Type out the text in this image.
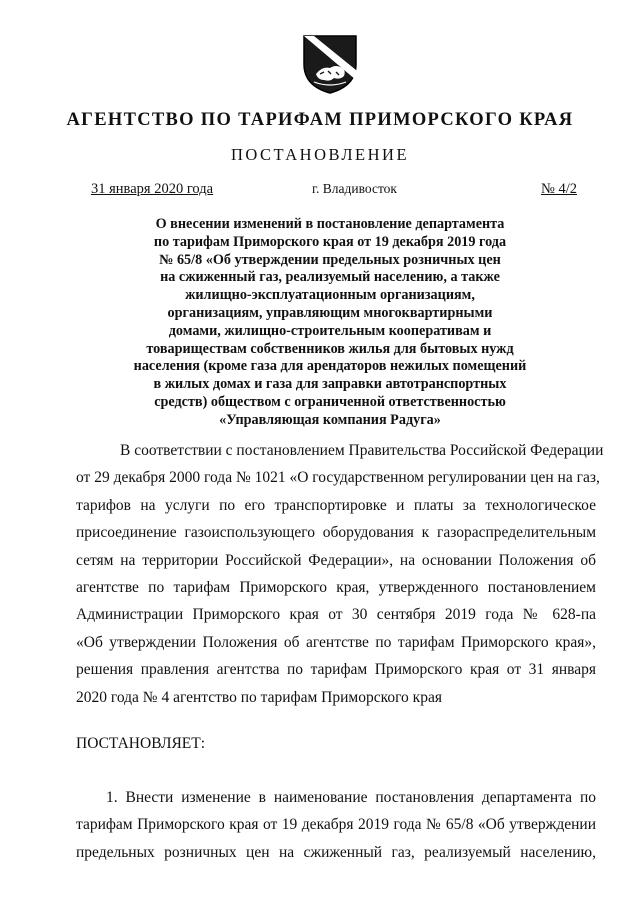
АГЕНТСТВО ПО ТАРИФАМ ПРИМОРСКОГО КРАЯ
ПОСТАНОВЛЕНИЕ
31 января 2020 года	г. Владивосток	№ 4/2
О внесении изменений в постановление департамента
по тарифам Приморского края от 19 декабря 2019 года
№ 65/8 «Об утверждении предельных розничных цен
на сжиженный газ, реализуемый населению, а также
жилищно-эксплуатационным организациям,
организациям, управляющим многоквартирными
домами, жилищно-строительным кооперативам и
товариществам собственников жилья для бытовых нужд
населения (кроме газа для арендаторов нежилых помещений
в жилых домах и газа для заправки автотранспортных
средств) обществом с ограниченной ответственностью
«Управляющая компания Радуга»
В соответствии с постановлением Правительства Российской Федерации
от 29 декабря 2000 года № 1021 «О государственном регулировании цен на газ,
тарифов на услуги по его транспортировке и платы за технологическое
присоединение газоиспользующего оборудования к газораспределительным
сетям на территории Российской Федерации», на основании Положения об
агентстве по тарифам Приморского края, утвержденного постановлением
Администрации Приморского края от 30 сентября 2019 года № 628-па
«Об утверждении Положения об агентстве по тарифам Приморского края»,
решения правления агентства по тарифам Приморского края от 31 января
2020 года № 4 агентство по тарифам Приморского края
ПОСТАНОВЛЯЕТ:
1. Внести изменение в наименование постановления департамента по
тарифам Приморского края от 19 декабря 2019 года № 65/8 «Об утверждении
предельных розничных цен на сжиженный газ, реализуемый населению,
